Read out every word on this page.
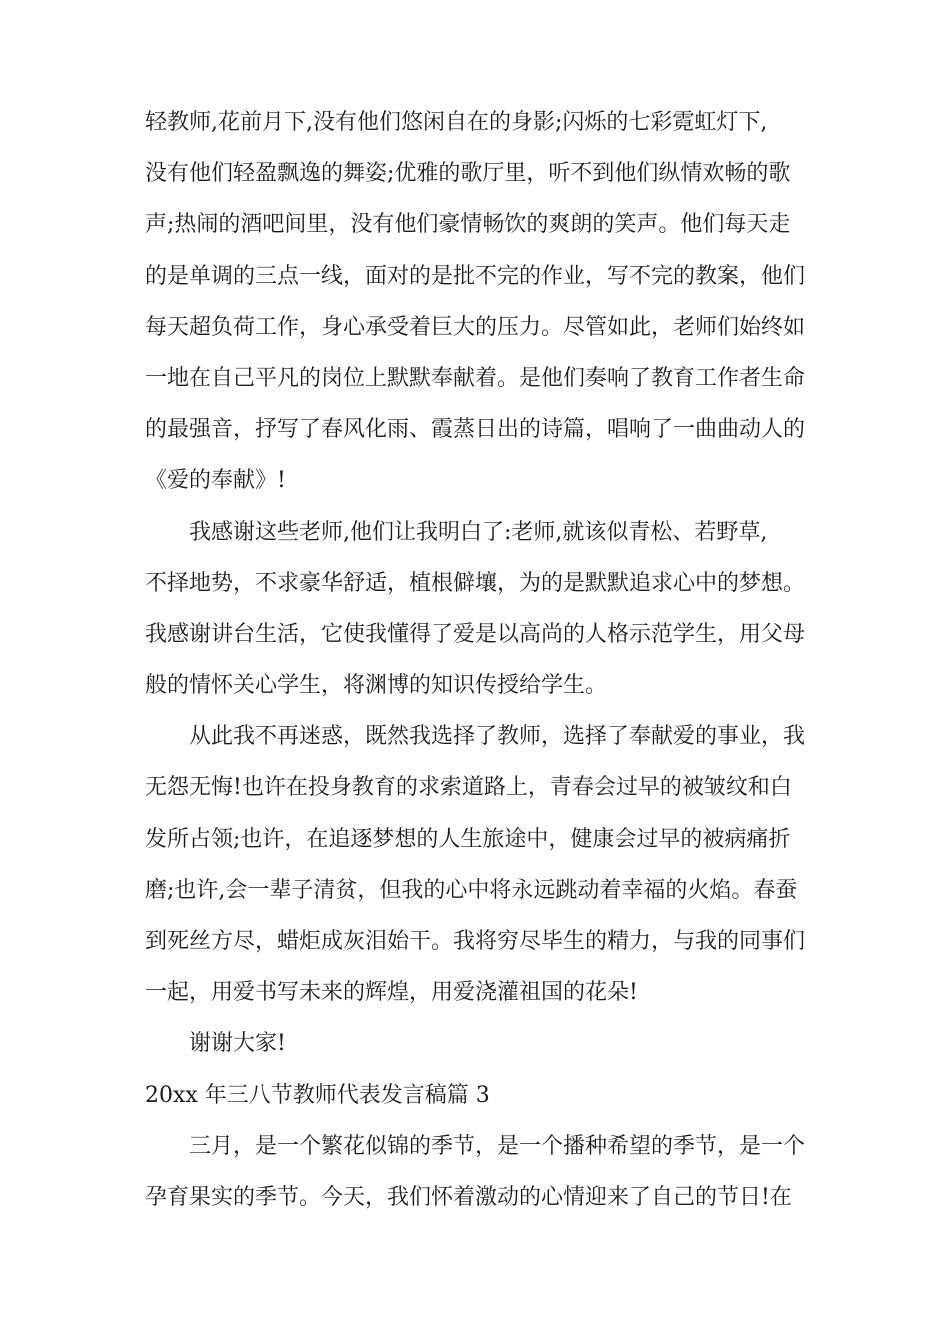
轻教师,花前月下,没有他们悠闲自在的身影;闪烁的七彩霓虹灯下,
没有他们轻盈飘逸的舞姿;优雅的歌厅里，听不到他们纵情欢畅的歌
声;热闹的酒吧间里，没有他们豪情畅饮的爽朗的笑声。他们每天走
的是单调的三点一线，面对的是批不完的作业，写不完的教案，他们
每天超负荷工作，身心承受着巨大的压力。尽管如此，老师们始终如
一地在自己平凡的岗位上默默奉献着。是他们奏响了教育工作者生命
的最强音，抒写了春风化雨、霞蒸日出的诗篇，唱响了一曲曲动人的
《爱的奉献》!
我感谢这些老师,他们让我明白了:老师,就该似青松、若野草,
不择地势，不求豪华舒适，植根僻壤，为的是默默追求心中的梦想。
我感谢讲台生活，它使我懂得了爱是以高尚的人格示范学生，用父母
般的情怀关心学生，将渊博的知识传授给学生。
从此我不再迷惑，既然我选择了教师，选择了奉献爱的事业，我
无怨无悔!也许在投身教育的求索道路上，青春会过早的被皱纹和白
发所占领;也许，在追逐梦想的人生旅途中，健康会过早的被病痛折
磨;也许,会一辈子清贫，但我的心中将永远跳动着幸福的火焰。春蚕
到死丝方尽，蜡炬成灰泪始干。我将穷尽毕生的精力，与我的同事们
一起，用爱书写未来的辉煌，用爱浇灌祖国的花朵!
谢谢大家!
20xx 年三八节教师代表发言稿篇 3
三月，是一个繁花似锦的季节，是一个播种希望的季节，是一个
孕育果实的季节。今天，我们怀着激动的心情迎来了自己的节日!在
